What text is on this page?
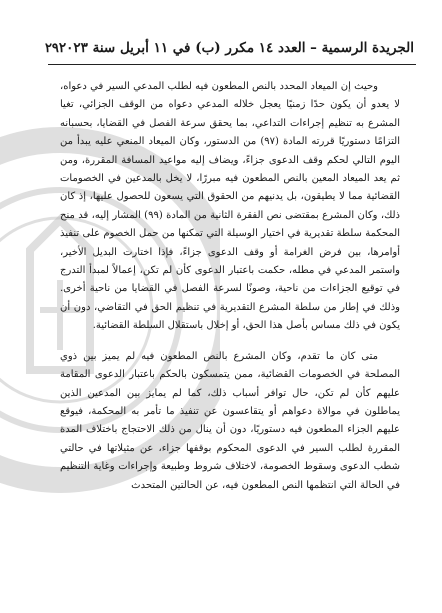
الجريدة الرسمية – العدد ١٤ مكرر (ب) في ١١ أبريل سنة ٢٠٢٣
٢٩

وحيث إن الميعاد المحدد بالنص المطعون فيه لطلب المدعي السير في دعواه، لا يعدو أن يكون حدًا زمنيًا يعجل خلاله المدعي دعواه من الوقف الجزائي، تغيا المشرع به تنظيم إجراءات التداعي، بما يحقق سرعة الفصل في القضايا، بحسبانه التزامًا دستوريًا قررته المادة (٩٧) من الدستور، وكان الميعاد المنعي عليه يبدأ من اليوم التالي لحكم وقف الدعوى جزاءً، ويضاف إليه مواعيد المسافة المقررة، ومن ثم يعد الميعاد المعين بالنص المطعون فيه مبررًا، لا يخل بالمدعين في الخصومات القضائية مما لا يطيقون، بل يدنيهم من الحقوق التي يسعون للحصول عليها، إذ كان ذلك، وكان المشرع بمقتضى نص الفقرة الثانية من المادة (٩٩) المشار إليه، قد منح المحكمة سلطة تقديرية في اختيار الوسيلة التي تمكنها من حمل الخصوم على تنفيذ أوامرها، بين فرض الغرامة أو وقف الدعوى جزاءً، فإذا اختارت البديل الأخير، واستمر المدعي في مطله، حكمت باعتبار الدعوى كأن لم تكن، إعمالاً لمبدأ التدرج في توقيع الجزاءات من ناحية، وصونًا لسرعة الفصل في القضايا من ناحية أخرى. وذلك في إطار من سلطة المشرع التقديرية في تنظيم الحق في التقاضي، دون أن يكون في ذلك مساس بأصل هذا الحق، أو إخلال باستقلال السلطة القضائية.

متى كان ما تقدم، وكان المشرع بالنص المطعون فيه لم يميز بين ذوي المصلحة في الخصومات القضائية، ممن يتمسكون بالحكم باعتبار الدعوى المقامة عليهم كأن لم تكن، حال توافر أسباب ذلك، كما لم يمايز بين المدعين الذين يماطلون في موالاة دعواهم أو يتقاعسون عن تنفيذ ما تأمر به المحكمة، فيوقع عليهم الجزاء المطعون فيه دستوريًا، دون أن ينال من ذلك الاحتجاج باختلاف المدة المقررة لطلب السير في الدعوى المحكوم بوقفها جزاء، عن مثيلاتها في حالتي شطب الدعوى وسقوط الخصومة، لاختلاف شروط وطبيعة وإجراءات وغاية التنظيم في الحالة التي انتظمها النص المطعون فيه، عن الحالتين المتحدث
